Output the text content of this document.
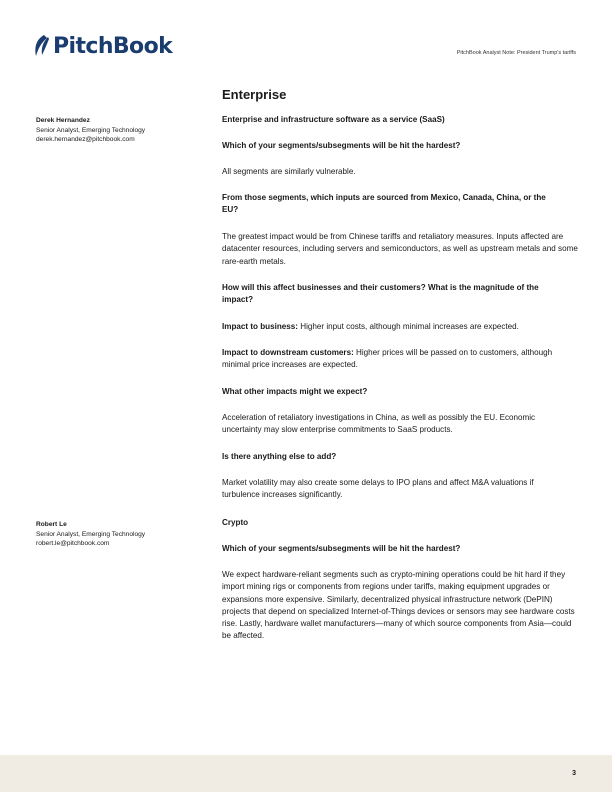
PitchBook	PitchBook Analyst Note: President Trump's tariffs
Derek Hernandez
Senior Analyst, Emerging Technology
derek.hernandez@pitchbook.com
Robert Le
Senior Analyst, Emerging Technology
robert.le@pitchbook.com
Enterprise

Enterprise and infrastructure software as a service (SaaS)

Which of your segments/subsegments will be hit the hardest?

All segments are similarly vulnerable.

From those segments, which inputs are sourced from Mexico, Canada, China, or the EU?

The greatest impact would be from Chinese tariffs and retaliatory measures. Inputs affected are datacenter resources, including servers and semiconductors, as well as upstream metals and some rare-earth metals.

How will this affect businesses and their customers? What is the magnitude of the impact?

Impact to business: Higher input costs, although minimal increases are expected.

Impact to downstream customers: Higher prices will be passed on to customers, although minimal price increases are expected.

What other impacts might we expect?

Acceleration of retaliatory investigations in China, as well as possibly the EU. Economic uncertainty may slow enterprise commitments to SaaS products.

Is there anything else to add?

Market volatility may also create some delays to IPO plans and affect M&A valuations if turbulence increases significantly.

Crypto

Which of your segments/subsegments will be hit the hardest?

We expect hardware-reliant segments such as crypto-mining operations could be hit hard if they import mining rigs or components from regions under tariffs, making equipment upgrades or expansions more expensive. Similarly, decentralized physical infrastructure network (DePIN) projects that depend on specialized Internet-of-Things devices or sensors may see hardware costs rise. Lastly, hardware wallet manufacturers—many of which source components from Asia—could be affected.

3
